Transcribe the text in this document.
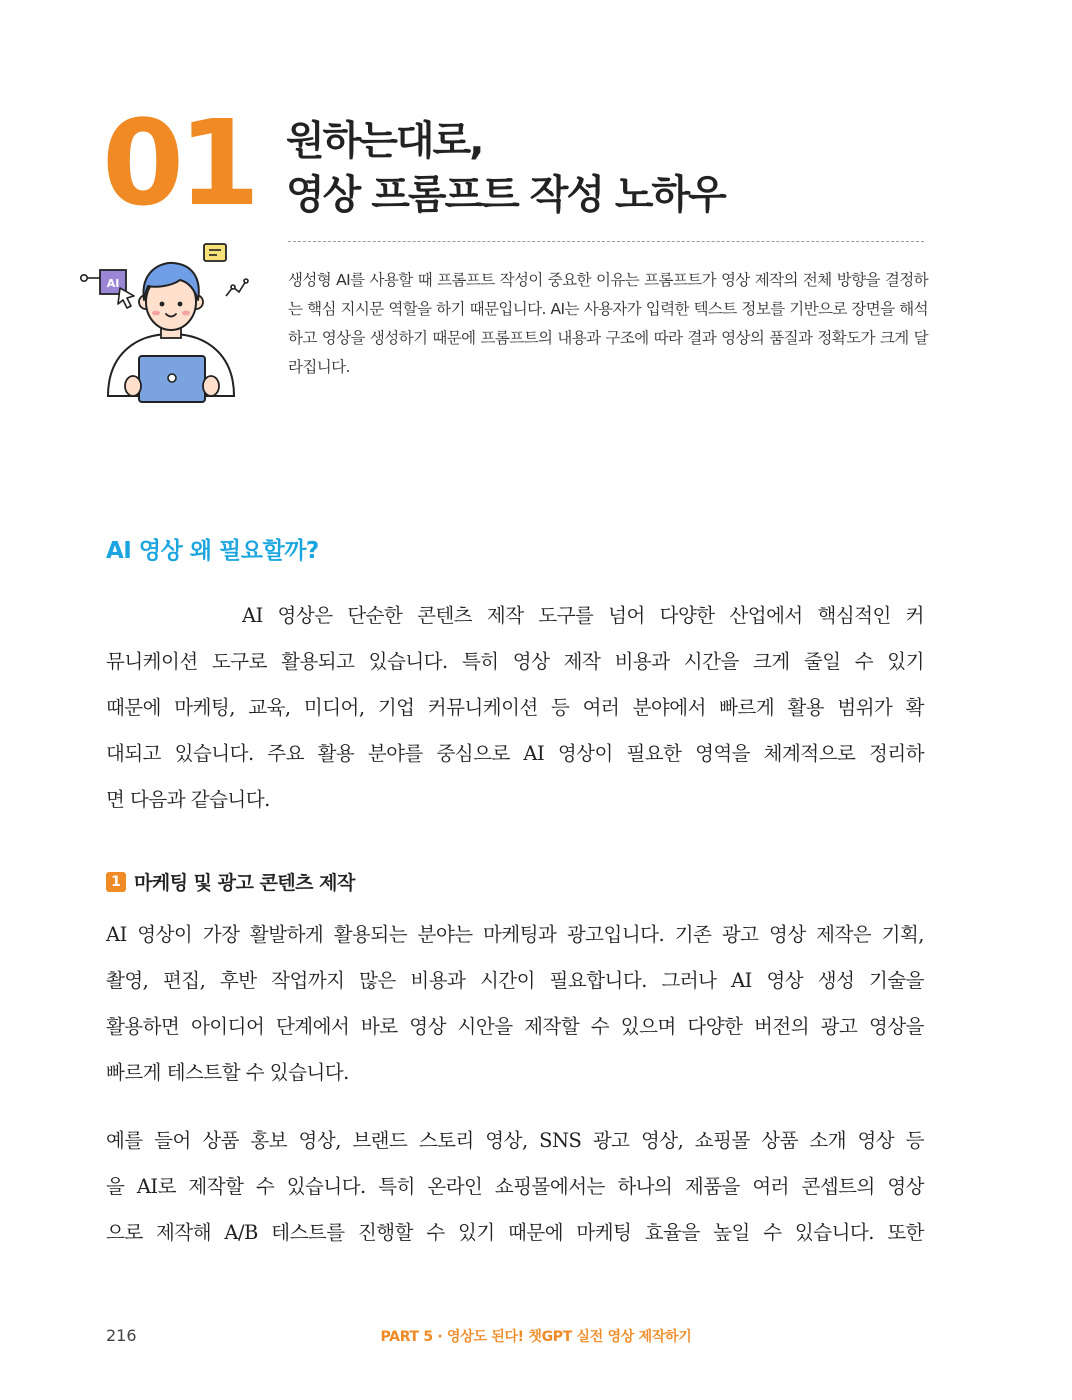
01 원하는대로,
영상 프롬프트 작성 노하우
AI	생성형 AI를 사용할 때 프롬프트 작성이 중요한 이유는 프롬프트가 영상 제작의 전체 방향을 결정하는 핵심 지시문 역할을 하기 때문입니다. AI는 사용자가 입력한 텍스트 정보를 기반으로 장면을 해석하고 영상을 생성하기 때문에 프롬프트의 내용과 구조에 따라 결과 영상의 품질과 정확도가 크게 달라집니다.
AI 영상 왜 필요할까?
AI 영상은 단순한 콘텐츠 제작 도구를 넘어 다양한 산업에서 핵심적인 커
뮤니케이션 도구로 활용되고 있습니다. 특히 영상 제작 비용과 시간을 크게 줄일 수 있기
때문에 마케팅, 교육, 미디어, 기업 커뮤니케이션 등 여러 분야에서 빠르게 활용 범위가 확
대되고 있습니다. 주요 활용 분야를 중심으로 AI 영상이 필요한 영역을 체계적으로 정리하
면 다음과 같습니다.
1 마케팅 및 광고 콘텐츠 제작
AI 영상이 가장 활발하게 활용되는 분야는 마케팅과 광고입니다. 기존 광고 영상 제작은 기획,
촬영, 편집, 후반 작업까지 많은 비용과 시간이 필요합니다. 그러나 AI 영상 생성 기술을
활용하면 아이디어 단계에서 바로 영상 시안을 제작할 수 있으며 다양한 버전의 광고 영상을
빠르게 테스트할 수 있습니다.
예를 들어 상품 홍보 영상, 브랜드 스토리 영상, SNS 광고 영상, 쇼핑몰 상품 소개 영상 등
을 AI로 제작할 수 있습니다. 특히 온라인 쇼핑몰에서는 하나의 제품을 여러 콘셉트의 영상
으로 제작해 A/B 테스트를 진행할 수 있기 때문에 마케팅 효율을 높일 수 있습니다. 또한
216	PART 5 · 영상도 된다! 챗GPT 실전 영상 제작하기
